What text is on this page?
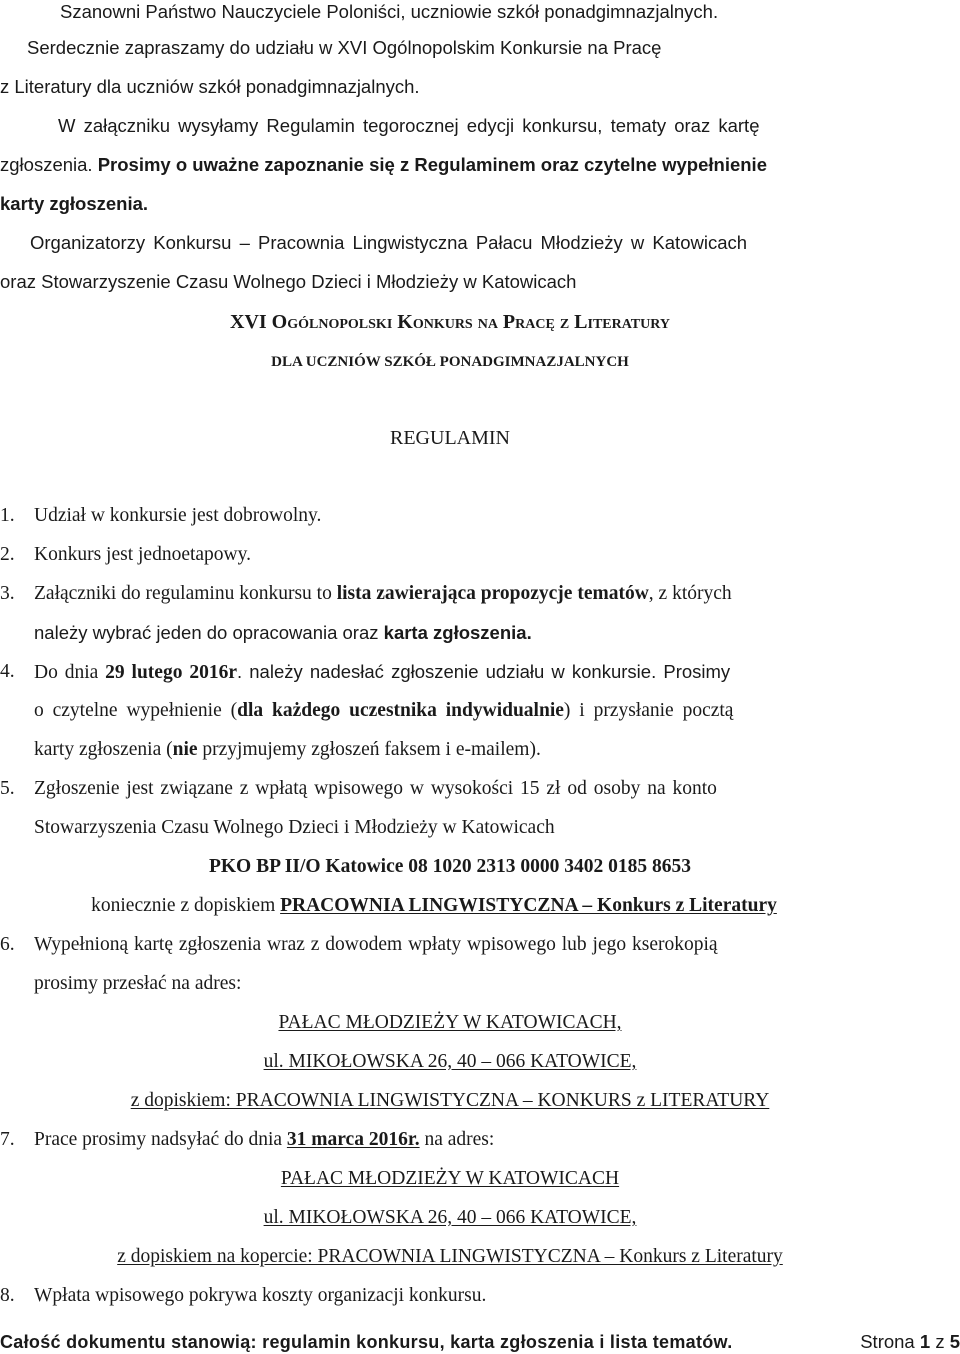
Szanowni Państwo Nauczyciele Poloniści, uczniowie szkół ponadgimnazjalnych.
Serdecznie zapraszamy do udziału w XVI Ogólnopolskim Konkursie na Pracę
z Literatury dla uczniów szkół ponadgimnazjalnych.
W załączniku wysyłamy Regulamin tegorocznej edycji konkursu, tematy oraz kartę
zgłoszenia. Prosimy o uważne zapoznanie się z Regulaminem oraz czytelne wypełnienie
karty zgłoszenia.
Organizatorzy Konkursu – Pracownia Lingwistyczna Pałacu Młodzieży w Katowicach
oraz Stowarzyszenie Czasu Wolnego Dzieci i Młodzieży w Katowicach
XVI Ogólnopolski Konkurs na Pracę z Literatury
DLA UCZNIÓW SZKÓŁ PONADGIMNAZJALNYCH
REGULAMIN
1. Udział w konkursie jest dobrowolny.
2. Konkurs jest jednoetapowy.
3. Załączniki do regulaminu konkursu to lista zawierająca propozycje tematów, z których
należy wybrać jeden do opracowania oraz karta zgłoszenia.
4. Do dnia 29 lutego 2016r. należy nadesłać zgłoszenie udziału w konkursie. Prosimy
o czytelne wypełnienie (dla każdego uczestnika indywidualnie) i przysłanie pocztą
karty zgłoszenia (nie przyjmujemy zgłoszeń faksem i e-mailem).
5. Zgłoszenie jest związane z wpłatą wpisowego w wysokości 15 zł od osoby na konto
Stowarzyszenia Czasu Wolnego Dzieci i Młodzieży w Katowicach
PKO BP II/O Katowice 08 1020 2313 0000 3402 0185 8653
koniecznie z dopiskiem PRACOWNIA LINGWISTYCZNA – Konkurs z Literatury
6. Wypełnioną kartę zgłoszenia wraz z dowodem wpłaty wpisowego lub jego kserokopią
prosimy przesłać na adres:
PAŁAC MŁODZIEŻY W KATOWICACH,
ul. MIKOŁOWSKA 26, 40 – 066 KATOWICE,
z dopiskiem: PRACOWNIA LINGWISTYCZNA – KONKURS z LITERATURY
7. Prace prosimy nadsyłać do dnia 31 marca 2016r. na adres:
PAŁAC MŁODZIEŻY W KATOWICACH
ul. MIKOŁOWSKA 26, 40 – 066 KATOWICE,
z dopiskiem na kopercie: PRACOWNIA LINGWISTYCZNA – Konkurs z Literatury
8. Wpłata wpisowego pokrywa koszty organizacji konkursu.
Całość dokumentu stanowią: regulamin konkursu, karta zgłoszenia i lista tematów.	Strona 1 z 5
